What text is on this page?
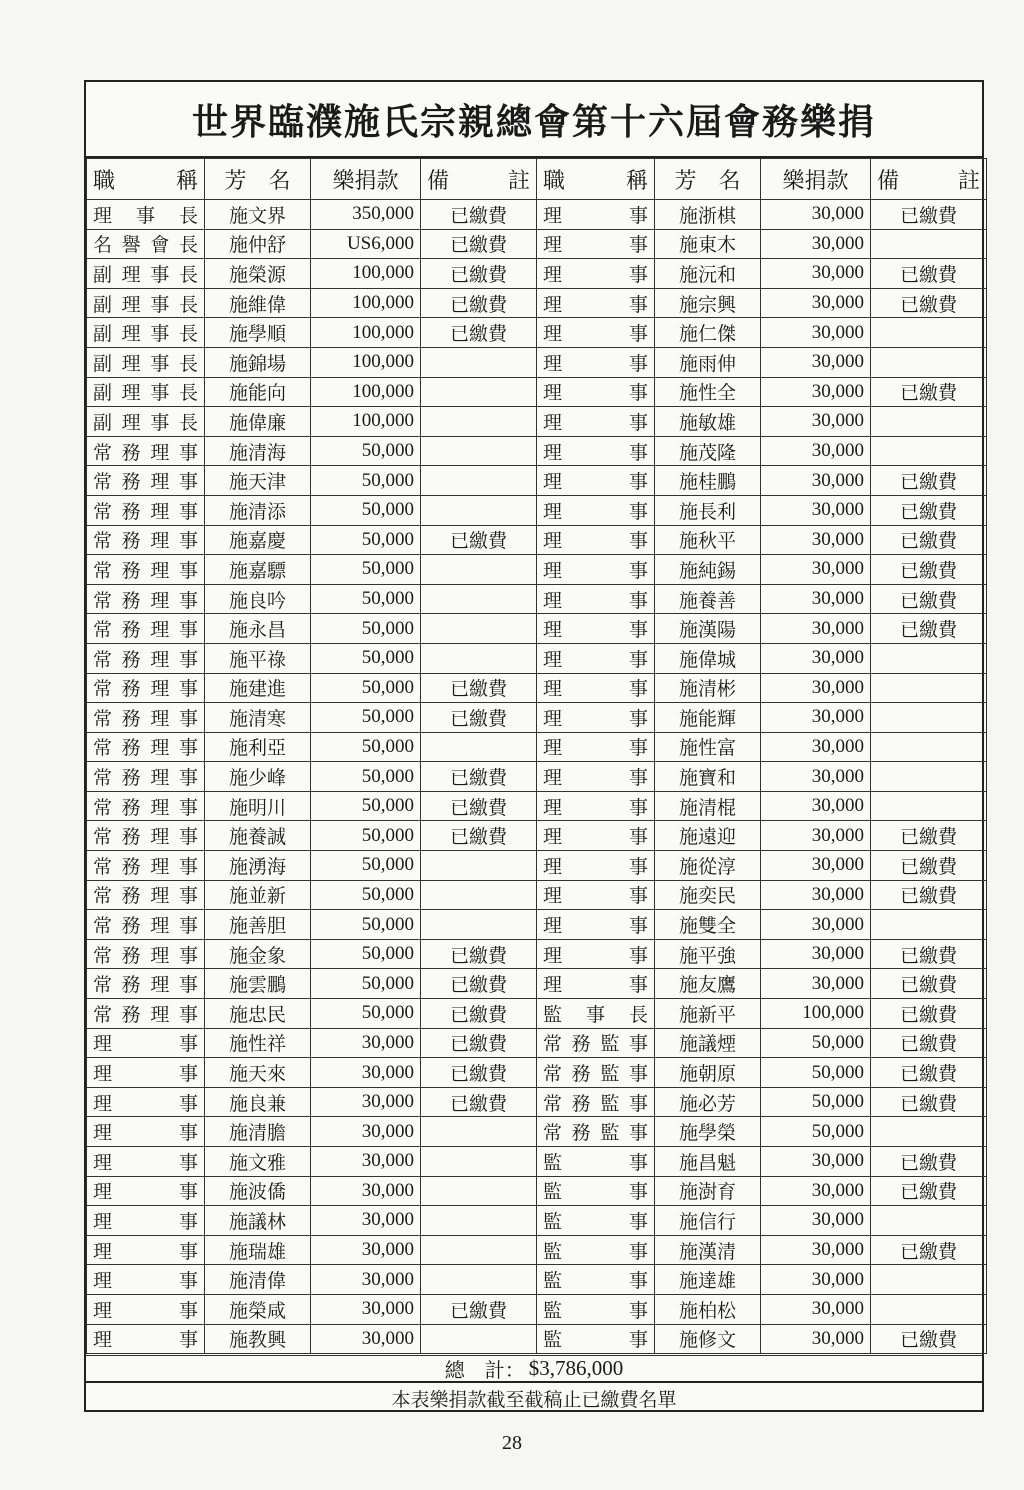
世界臨濮施氏宗親總會第十六屆會務樂捐
職　　稱	芳　名	樂捐款	備　註	職　　稱	芳　名	樂捐款	備　註
理事長	施文界	350,000	已繳費	理事	施浙棋	30,000	已繳費
名譽會長	施仲舒	US6,000	已繳費	理事	施東木	30,000	
副理事長	施榮源	100,000	已繳費	理事	施沅和	30,000	已繳費
副理事長	施維偉	100,000	已繳費	理事	施宗興	30,000	已繳費
副理事長	施學順	100,000	已繳費	理事	施仁傑	30,000	
副理事長	施錦場	100,000		理事	施雨伸	30,000	
副理事長	施能向	100,000		理事	施性全	30,000	已繳費
副理事長	施偉廉	100,000		理事	施敏雄	30,000	
常務理事	施清海	50,000		理事	施茂隆	30,000	
常務理事	施天津	50,000		理事	施桂鵬	30,000	已繳費
常務理事	施清添	50,000		理事	施長利	30,000	已繳費
常務理事	施嘉慶	50,000	已繳費	理事	施秋平	30,000	已繳費
常務理事	施嘉驃	50,000		理事	施純錫	30,000	已繳費
常務理事	施良吟	50,000		理事	施養善	30,000	已繳費
常務理事	施永昌	50,000		理事	施漢陽	30,000	已繳費
常務理事	施平祿	50,000		理事	施偉城	30,000	
常務理事	施建進	50,000	已繳費	理事	施清彬	30,000	
常務理事	施清寒	50,000	已繳費	理事	施能輝	30,000	
常務理事	施利亞	50,000		理事	施性富	30,000	
常務理事	施少峰	50,000	已繳費	理事	施寶和	30,000	
常務理事	施明川	50,000	已繳費	理事	施清棍	30,000	
常務理事	施養誠	50,000	已繳費	理事	施遠迎	30,000	已繳費
常務理事	施湧海	50,000		理事	施從淳	30,000	已繳費
常務理事	施並新	50,000		理事	施奕民	30,000	已繳費
常務理事	施善胆	50,000		理事	施雙全	30,000	
常務理事	施金象	50,000	已繳費	理事	施平強	30,000	已繳費
常務理事	施雲鵬	50,000	已繳費	理事	施友鷹	30,000	已繳費
常務理事	施忠民	50,000	已繳費	監事長	施新平	100,000	已繳費
理事	施性祥	30,000	已繳費	常務監事	施議煙	50,000	已繳費
理事	施天來	30,000	已繳費	常務監事	施朝原	50,000	已繳費
理事	施良兼	30,000	已繳費	常務監事	施必芳	50,000	已繳費
理事	施清膽	30,000		常務監事	施學榮	50,000	
理事	施文雅	30,000		監事	施昌魁	30,000	已繳費
理事	施波僑	30,000		監事	施澍育	30,000	已繳費
理事	施議林	30,000		監事	施信行	30,000	
理事	施瑞雄	30,000		監事	施漢清	30,000	已繳費
理事	施清偉	30,000		監事	施達雄	30,000	
理事	施榮咸	30,000	已繳費	監事	施柏松	30,000	
理事	施教興	30,000		監事	施修文	30,000	已繳費
總　計： $3,786,000
本表樂捐款截至截稿止已繳費名單
28
